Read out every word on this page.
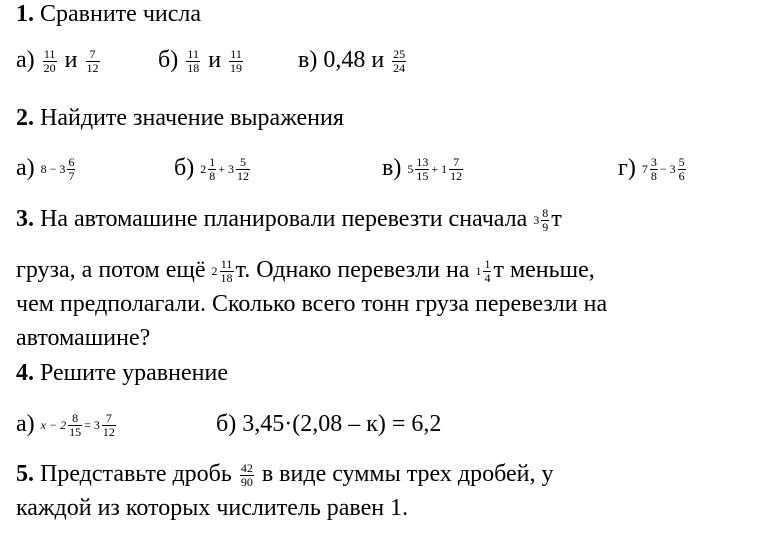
1. Сравните числа
$а) \frac{11}{20}$ и $\frac{7}{12} б) \frac{11}{18}$ и $\frac{11}{19} в$) 0,48 и $\frac{25}{24}$
2. Найдите значение выражения
а) $8 - 3 \frac{6}{7}$	б) $2 \frac{1}{8} + 3 \frac{5}{12}$	в) $5 \frac{13}{15} + 1 \frac{7}{12}$	г) $7 \frac{3}{8} - 3 \frac{5}{6}$
3. На автомашине планировали перевезти сначала $3 \frac{8}{9}$ т
груза, а потом ещё $2 \frac{11}{18} т$. Однако перевезли на $1 \frac{1}{4}$ т меньше,
чем предполагали. Сколько всего тонн груза перевезли на
автомашине?
4. Решите уравнение
а) $x - 2 \frac{8}{15} = 3 \frac{7}{12}$	б) 3,45·(2,08 – к) = 6,2
5. Представьте дробь $\frac{42}{90}$ в виде суммы трех дробей, у
каждой из которых числитель равен 1.
